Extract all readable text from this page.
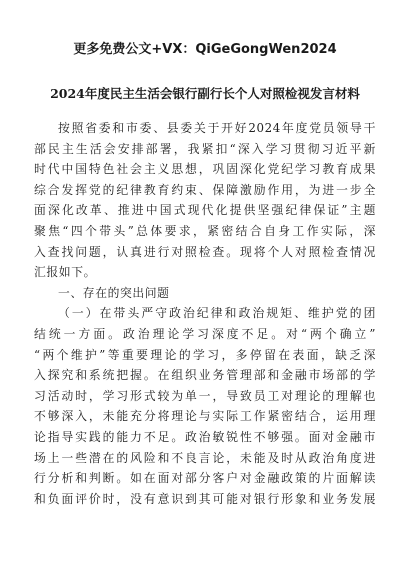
更多免费公文+VX：QiGeGongWen2024
2024年度民主生活会银行副行长个人对照检视发言材料

按照省委和市委、县委关于开好2024年度党员领导干

部民主生活会安排部署，我紧扣“深入学习贯彻习近平新

时代中国特色社会主义思想，巩固深化党纪学习教育成果

综合发挥党的纪律教育约束、保障激励作用，为进一步全

面深化改革、推进中国式现代化提供坚强纪律保证”主题

聚焦“四个带头”总体要求，紧密结合自身工作实际，深

入查找问题，认真进行对照检查。现将个人对照检查情况

汇报如下。

一、存在的突出问题

（一）在带头严守政治纪律和政治规矩、维护党的团

结统一方面。政治理论学习深度不足。对“两个确立”

“两个维护”等重要理论的学习，多停留在表面，缺乏深

入探究和系统把握。在组织业务管理部和金融市场部的学

习活动时，学习形式较为单一，导致员工对理论的理解也

不够深入，未能充分将理论与实际工作紧密结合，运用理

论指导实践的能力不足。政治敏锐性不够强。面对金融市

场上一些潜在的风险和不良言论，未能及时从政治角度进

行分析和判断。如在面对部分客户对金融政策的片面解读

和负面评价时，没有意识到其可能对银行形象和业务发展
